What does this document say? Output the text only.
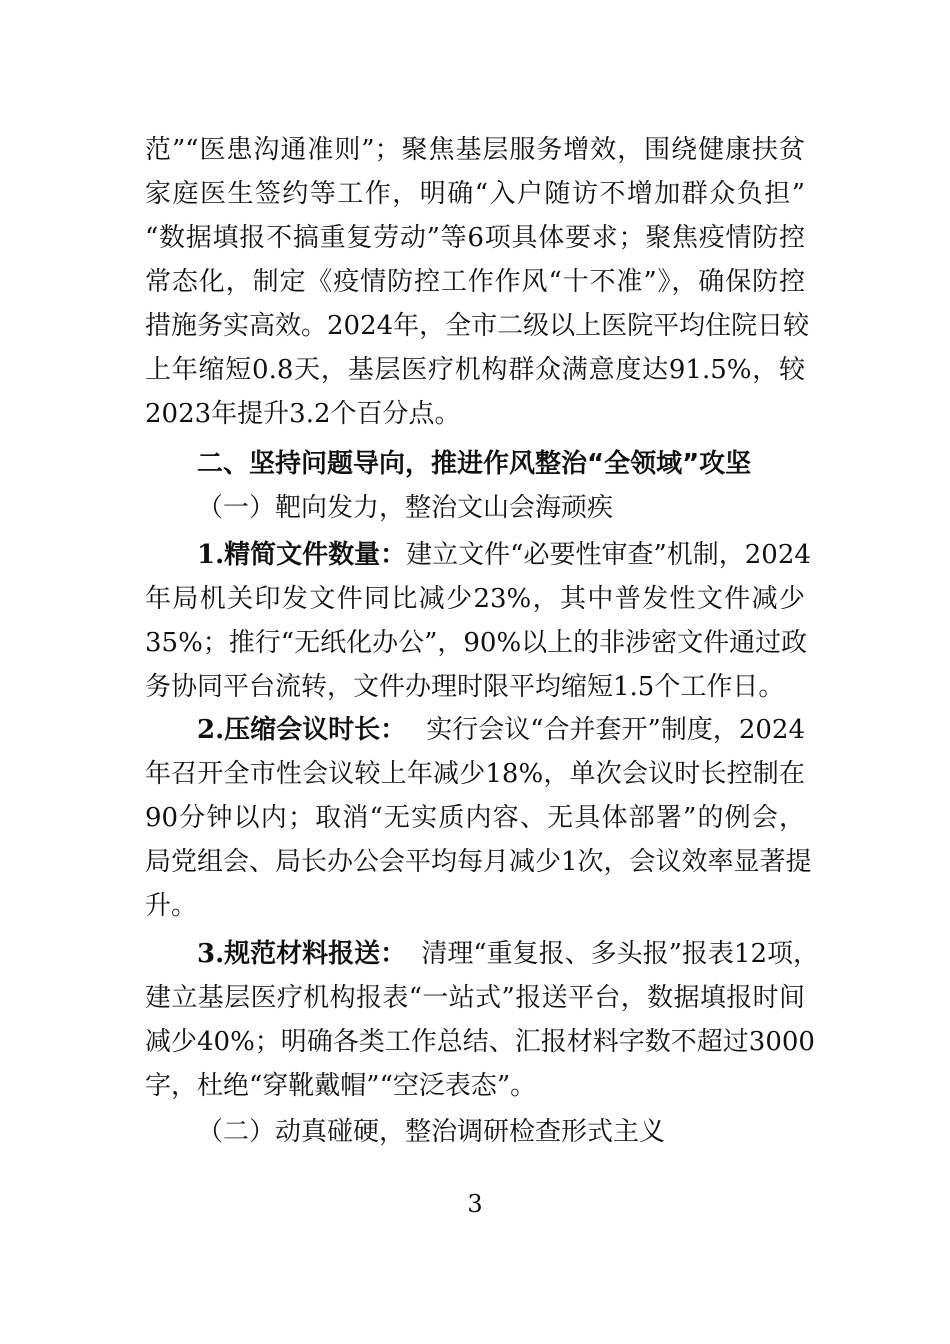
范”“医患沟通准则”；聚焦基层服务增效，围绕健康扶贫
家庭医生签约等工作，明确“入户随访不增加群众负担”
“数据填报不搞重复劳动”等6项具体要求；聚焦疫情防控
常态化，制定《疫情防控工作作风“十不准”》，确保防控
措施务实高效。2024年，全市二级以上医院平均住院日较
上年缩短0.8天，基层医疗机构群众满意度达91.5%，较
2023年提升3.2个百分点。
二、坚持问题导向，推进作风整治“全领域”攻坚
（一）靶向发力，整治文山会海顽疾
1.精简文件数量： 建立文件“必要性审查”机制，2024
年局机关印发文件同比减少23%，其中普发性文件减少
35%；推行“无纸化办公”，90%以上的非涉密文件通过政
务协同平台流转，文件办理时限平均缩短1.5个工作日。
2.压缩会议时长： 实行会议“合并套开”制度，2024
年召开全市性会议较上年减少18%，单次会议时长控制在
90分钟以内；取消“无实质内容、无具体部署”的例会，
局党组会、局长办公会平均每月减少1次，会议效率显著提
升。
3.规范材料报送： 清理“重复报、多头报”报表12项，
建立基层医疗机构报表“一站式”报送平台，数据填报时间
减少40%；明确各类工作总结、汇报材料字数不超过3000
字，杜绝“穿靴戴帽”“空泛表态”。
（二）动真碰硬，整治调研检查形式主义
3
